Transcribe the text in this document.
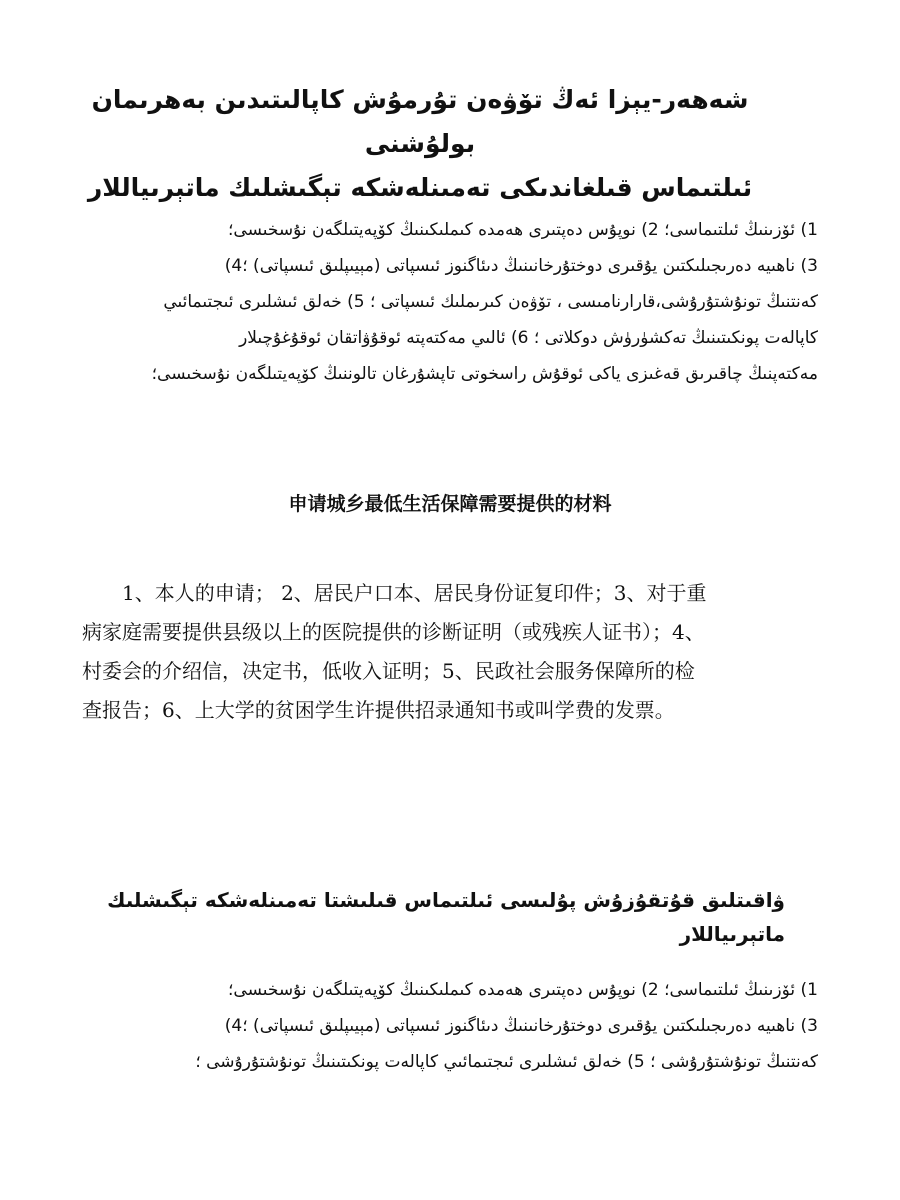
شەھەر-يېزا ئەڭ تۆۋەن تۇرمۇش كاپالىتىدىن بەھرىمان بولۇشنى
ئىلتىماس قىلغاندىكى تەمىنلەشكە تېگىشلىك ماتېرىياللار

1) ئۆزىنىڭ ئىلتىماسى؛ 2) نوپۇس دەپتىرى ھەمدە كىملىكىنىڭ كۆپەيتىلگەن نۇسخىسى؛
3) ناھىيە دەرىجىلىكتىن يۇقىرى دوختۇرخانىنىڭ دىئاگنوز ئىسپاتى (مېيىپلىق ئىسپاتى) ؛4)
كەنتنىڭ تونۇشتۇرۇشى،قارارنامىسى ، تۆۋەن كىرىملىك ئىسپاتى ؛ 5) خەلق ئىشلىرى ئىجتىمائىي
كاپالەت پونكىتىنىڭ تەكشۈرۈش دوكلاتى ؛ 6) ئالىي مەكتەپتە ئوقۇۋاتقان ئوقۇغۇچىلار
مەكتەپنىڭ چاقىرىق قەغىزى ياكى ئوقۇش راسخوتى تاپشۇرغان تالوننىڭ كۆپەيتىلگەن نۇسخىسى؛

申请城乡最低生活保障需要提供的材料

1、本人的申请； 2、居民户口本、居民身份证复印件；3、对于重
病家庭需要提供县级以上的医院提供的诊断证明（或残疾人证书）；4、
村委会的介绍信，决定书，低收入证明；5、民政社会服务保障所的检
查报告；6、上大学的贫困学生许提供招录通知书或叫学费的发票。

ۋاقىتلىق قۇتقۇزۇش پۇلىسى ئىلتىماس قىلىشتا تەمىنلەشكە تېگىشلىك ماتېرىياللار

1) ئۆزىنىڭ ئىلتىماسى؛ 2) نوپۇس دەپتىرى ھەمدە كىملىكىنىڭ كۆپەيتىلگەن نۇسخىسى؛
3) ناھىيە دەرىجىلىكتىن يۇقىرى دوختۇرخانىنىڭ دىئاگنوز ئىسپاتى (مېيىپلىق ئىسپاتى) ؛4)
كەنتنىڭ تونۇشتۇرۇشى ؛ 5) خەلق ئىشلىرى ئىجتىمائىي كاپالەت پونكىتىنىڭ تونۇشتۇرۇشى ؛
